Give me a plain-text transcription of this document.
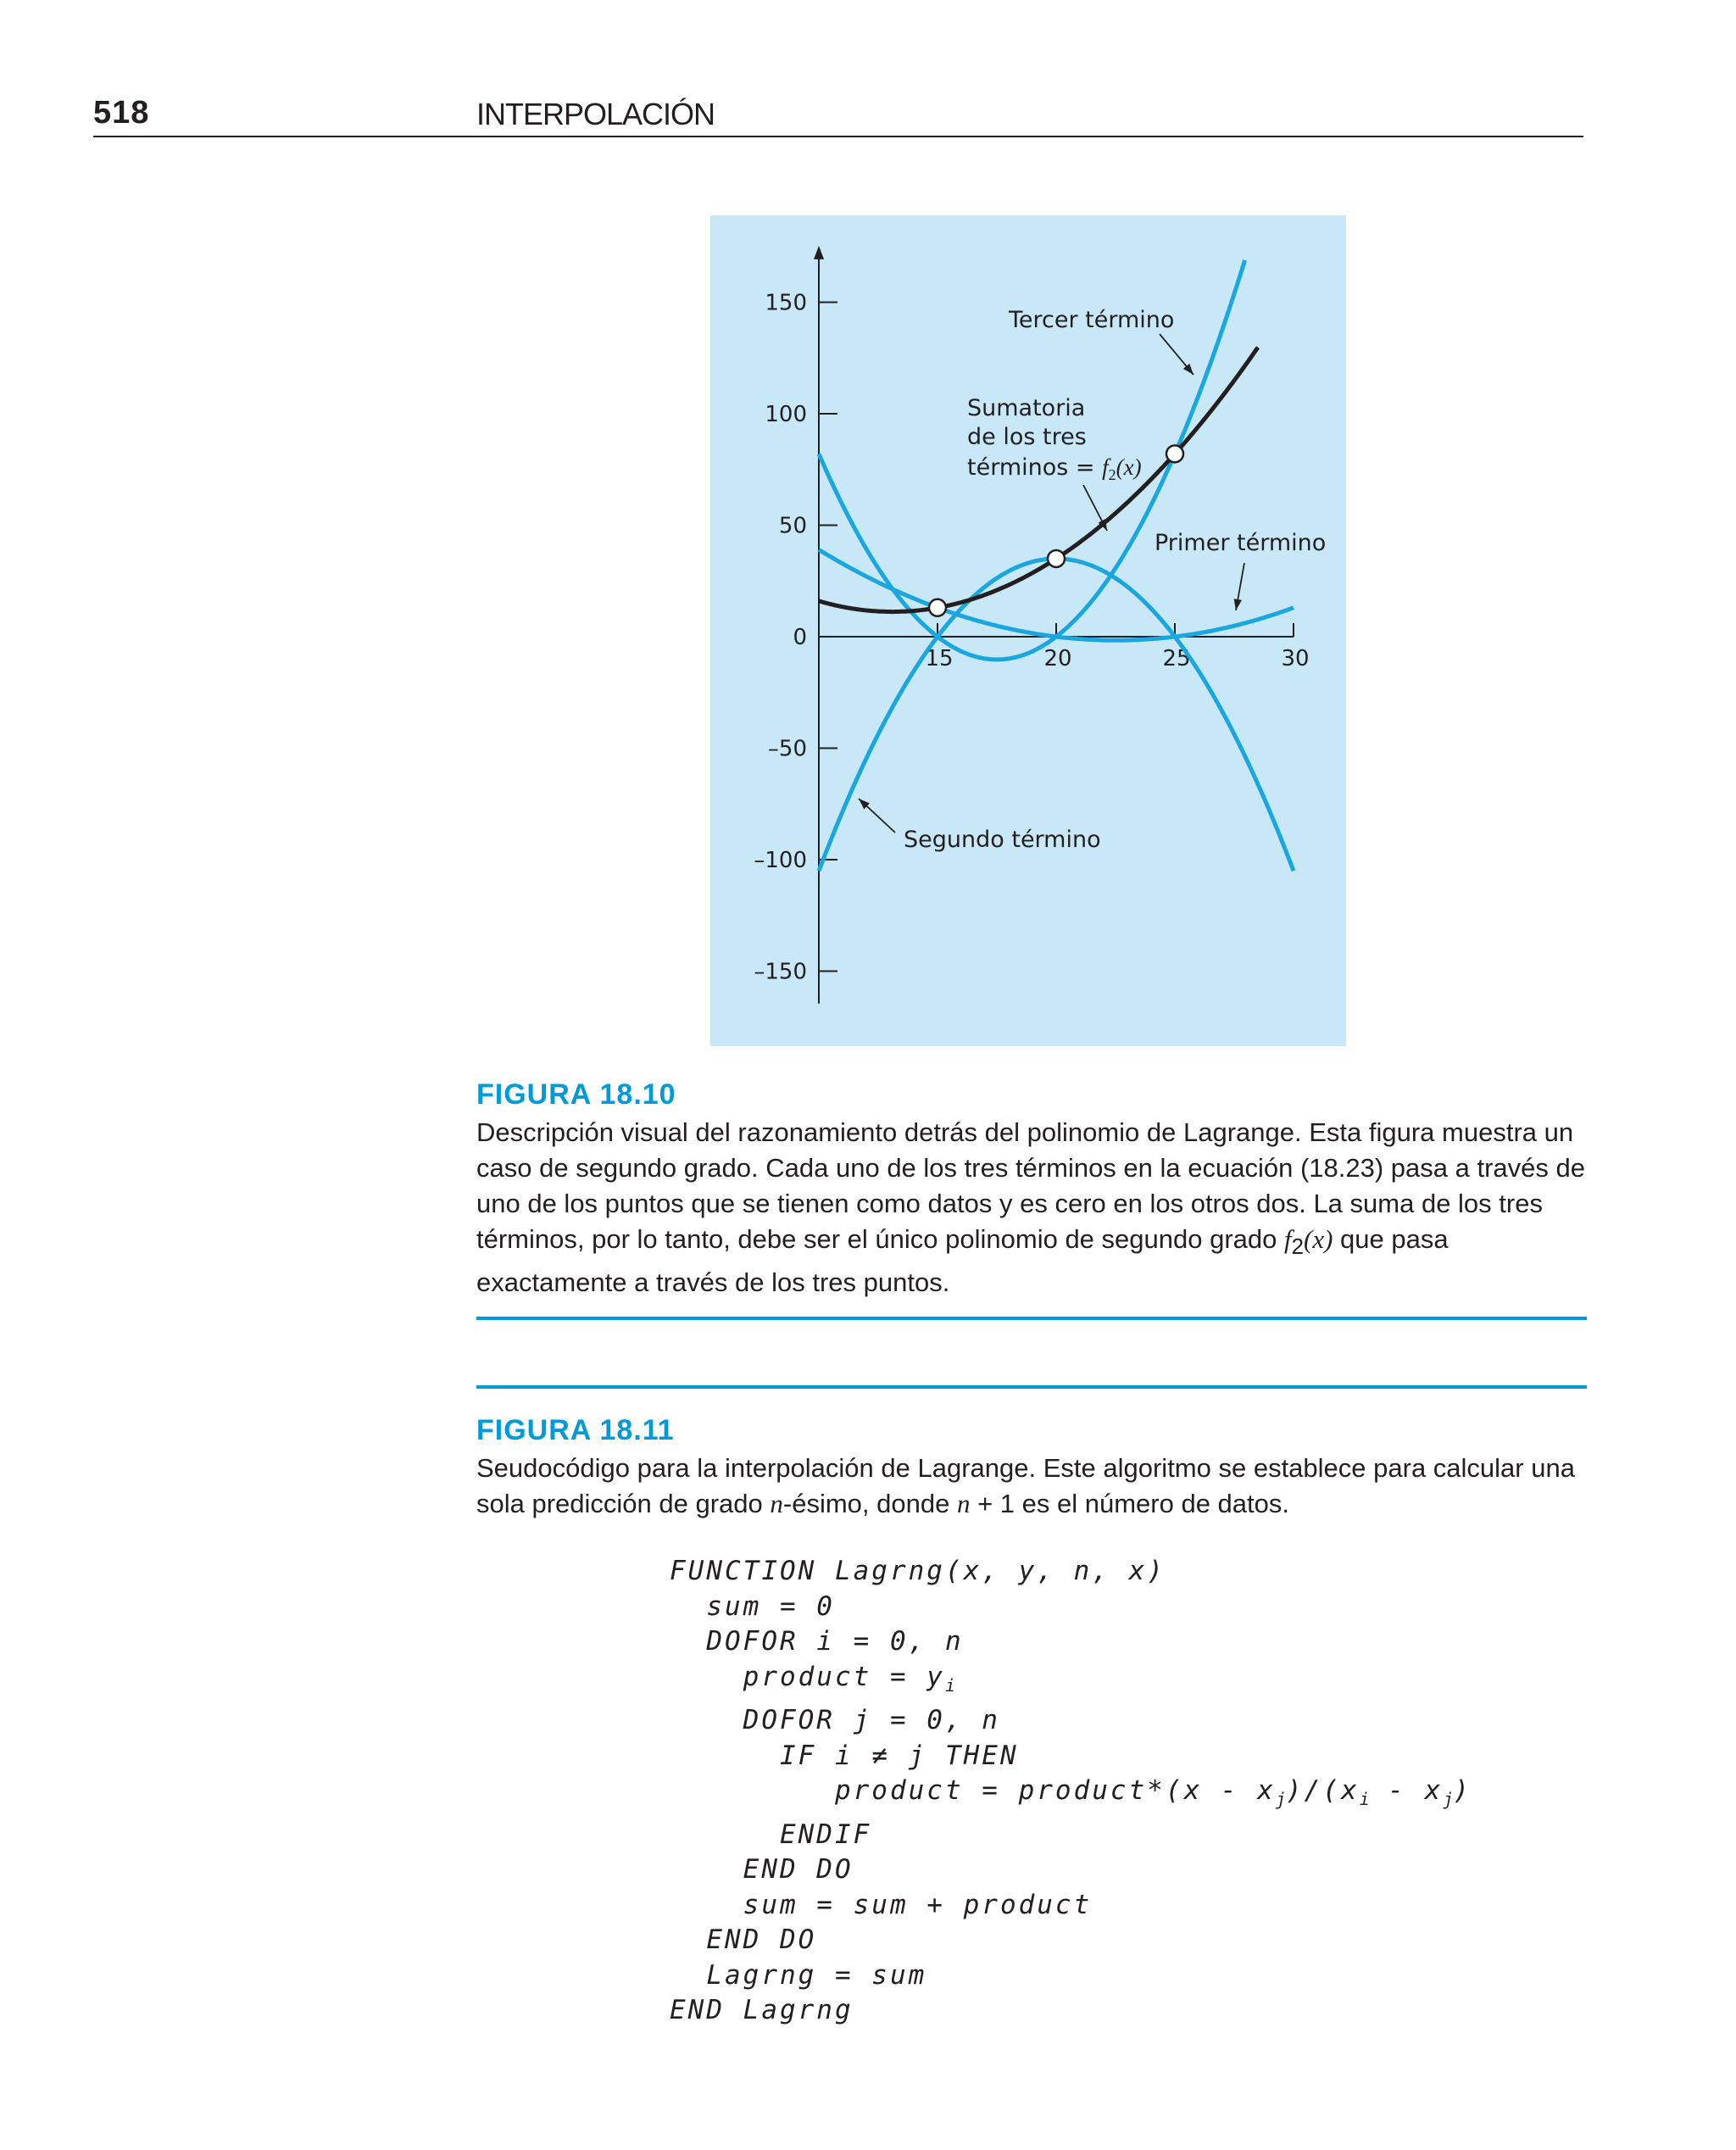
518	INTERPOLACIÓN
150
100
50
0
–50
–100
–150
15	20	25	30
Tercer término
Sumatoria
de los tres
términos = $f_2(x)$
Primer término
Segundo término
FIGURA 18.10

Descripción visual del razonamiento detrás del polinomio de Lagrange. Esta figura muestra un caso de segundo grado. Cada uno de los tres términos en la ecuación (18.23) pasa a través de uno de los puntos que se tienen como datos y es cero en los otros dos. La suma de los tres términos, por lo tanto, debe ser el único polinomio de segundo grado $f_2(x)$ que pasa exactamente a través de los tres puntos.

FIGURA 18.11

Seudocódigo para la interpolación de Lagrange. Este algoritmo se establece para calcular una sola predicción de grado n-ésimo, donde n + 1 es el número de datos.

FUNCTION Lagrng(x, y, n, x)
sum = 0
DOFOR i = 0, n
product = $y_i$
DOFOR j = 0, n
IF i ≠ j THEN
product = product*(x - $x_j)/(x_i - x_j)$
ENDIF
END DO
sum = sum + product
END DO
Lagrng = sum
END Lagrng
